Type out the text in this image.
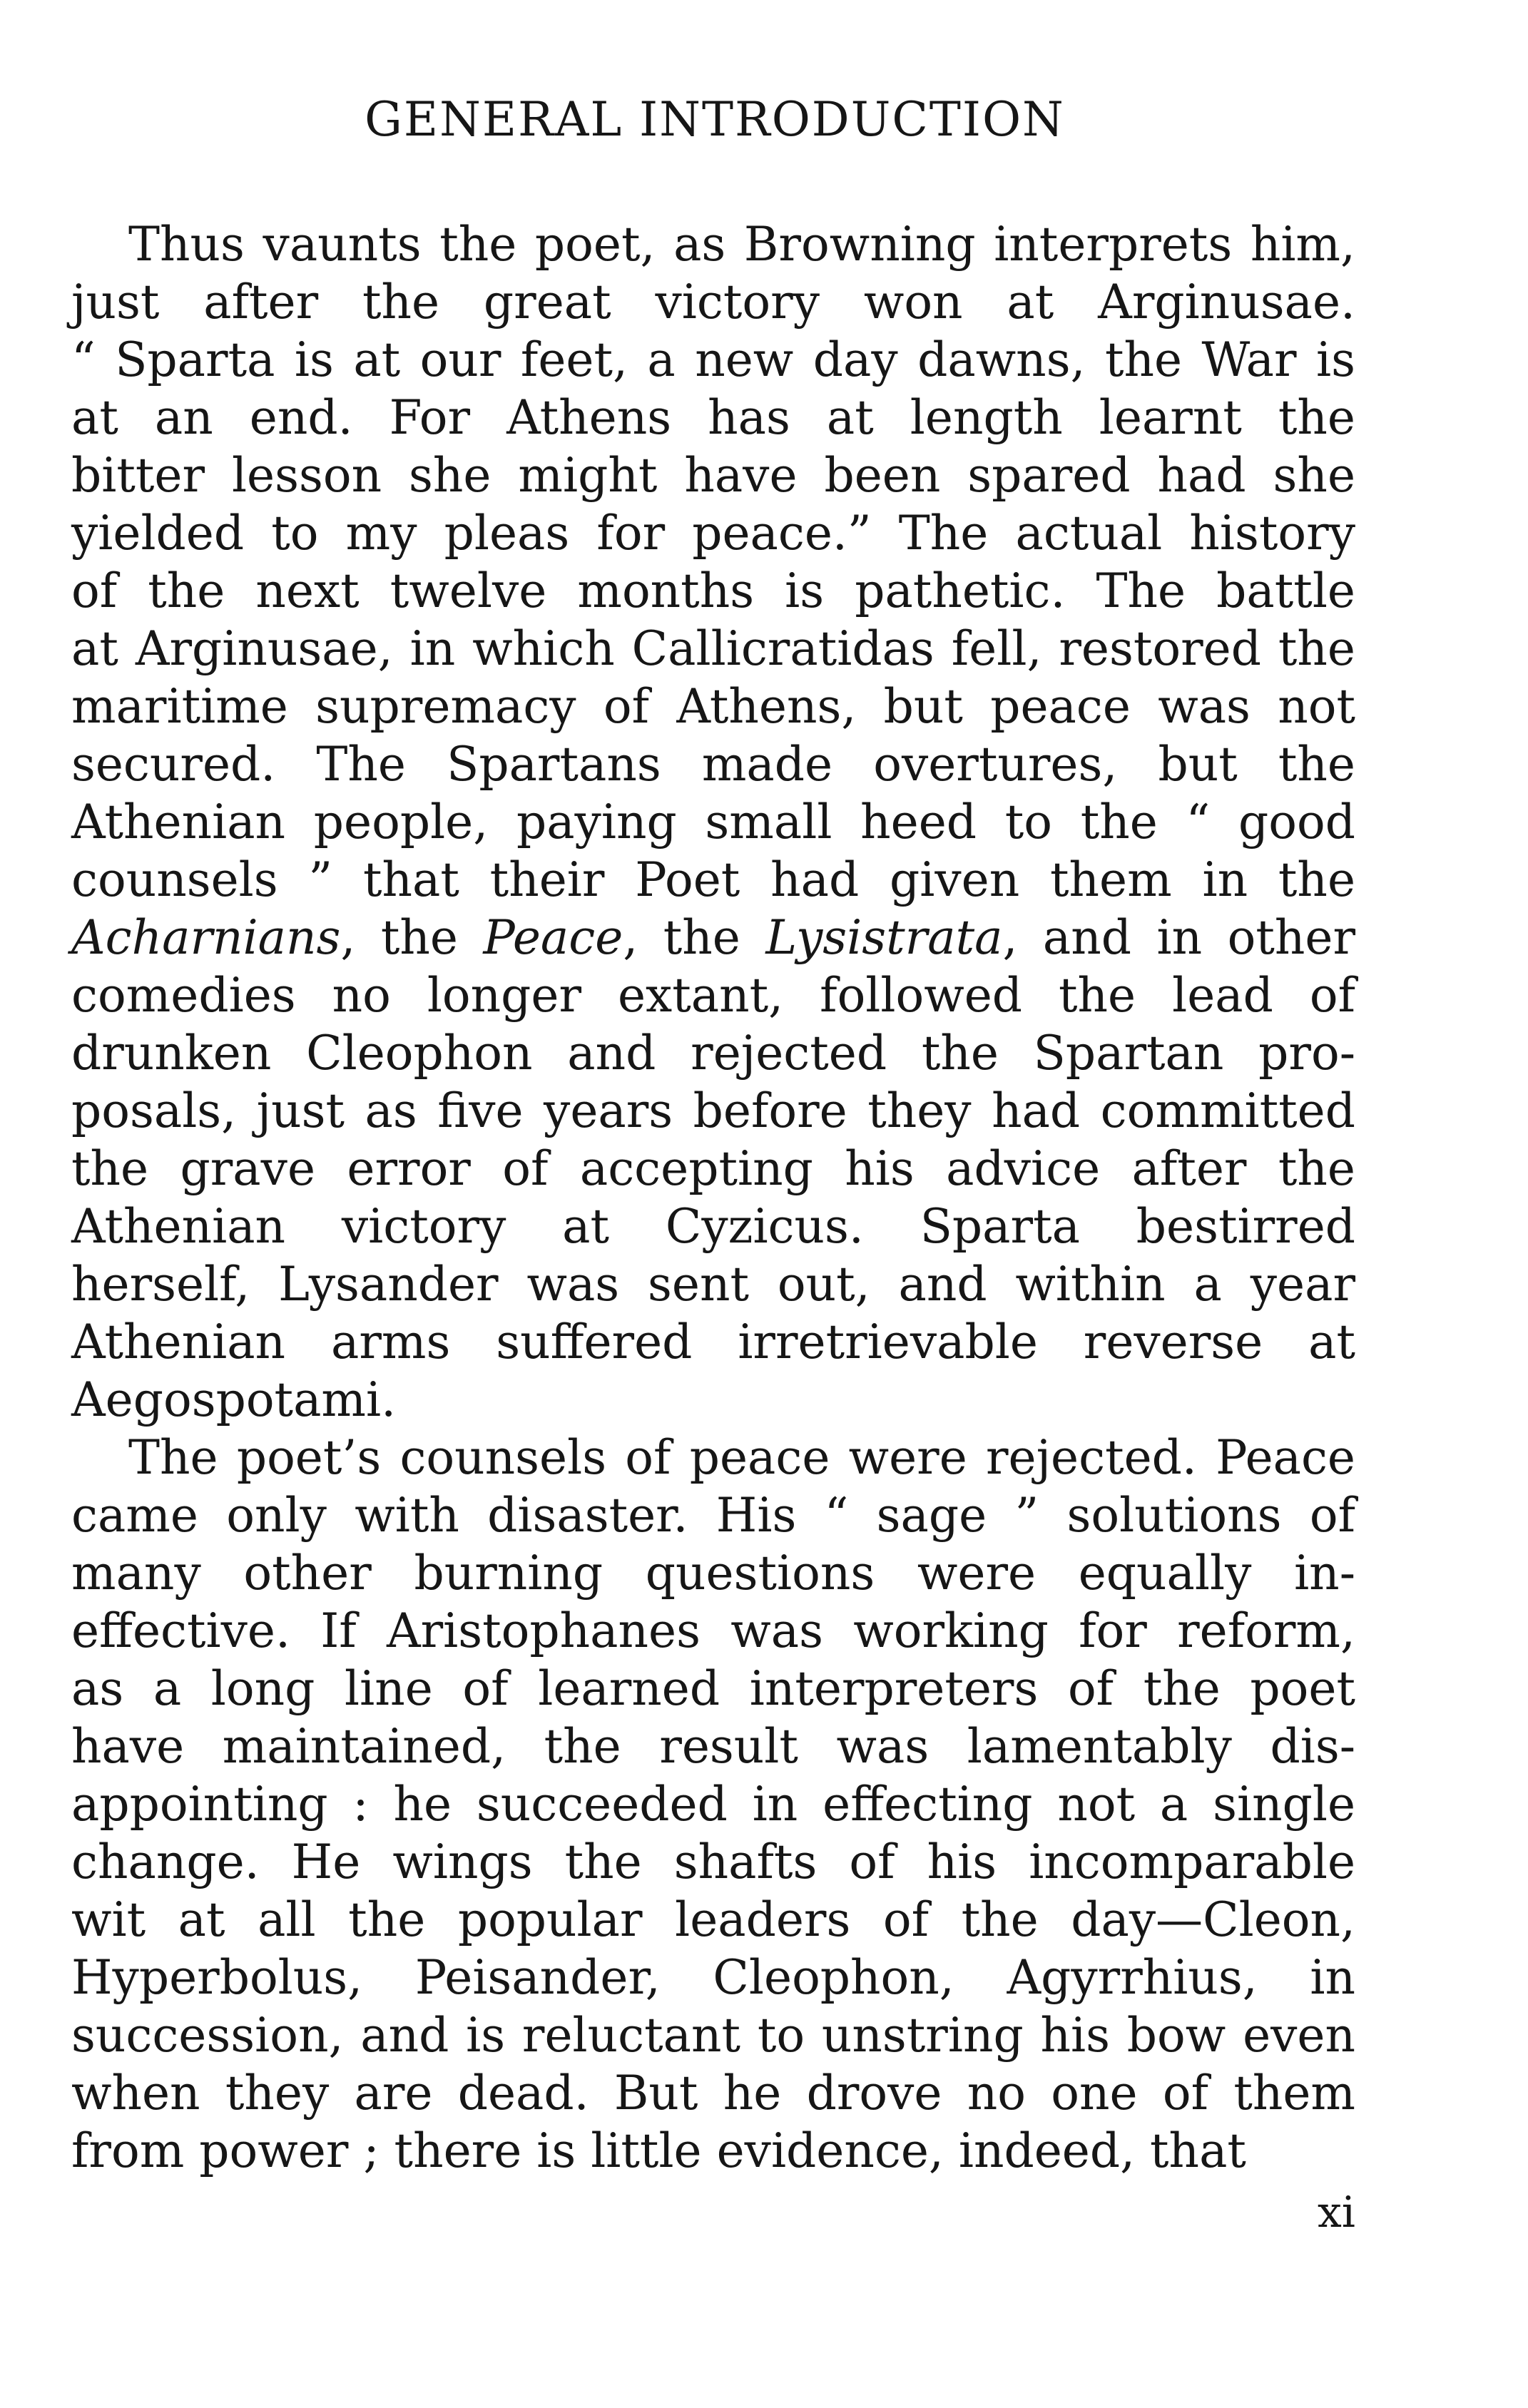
GENERAL INTRODUCTION
Thus vaunts the poet, as Browning interprets him,
just after the great victory won at Arginusae.
“ Sparta is at our feet, a new day dawns, the War is
at an end. For Athens has at length learnt the
bitter lesson she might have been spared had she
yielded to my pleas for peace.” The actual history
of the next twelve months is pathetic. The battle
at Arginusae, in which Callicratidas fell, restored the
maritime supremacy of Athens, but peace was not
secured. The Spartans made overtures, but the
Athenian people, paying small heed to the “ good
counsels ” that their Poet had given them in the
Acharnians, the Peace, the Lysistrata, and in other
comedies no longer extant, followed the lead of
drunken Cleophon and rejected the Spartan pro-
posals, just as five years before they had committed
the grave error of accepting his advice after the
Athenian victory at Cyzicus. Sparta bestirred
herself, Lysander was sent out, and within a year
Athenian arms suffered irretrievable reverse at
Aegospotami.
The poet’s counsels of peace were rejected. Peace
came only with disaster. His “ sage ” solutions of
many other burning questions were equally in-
effective. If Aristophanes was working for reform,
as a long line of learned interpreters of the poet
have maintained, the result was lamentably dis-
appointing : he succeeded in effecting not a single
change. He wings the shafts of his incomparable
wit at all the popular leaders of the day—Cleon,
Hyperbolus, Peisander, Cleophon, Agyrrhius, in
succession, and is reluctant to unstring his bow even
when they are dead. But he drove no one of them
from power ; there is little evidence, indeed, that

xi
